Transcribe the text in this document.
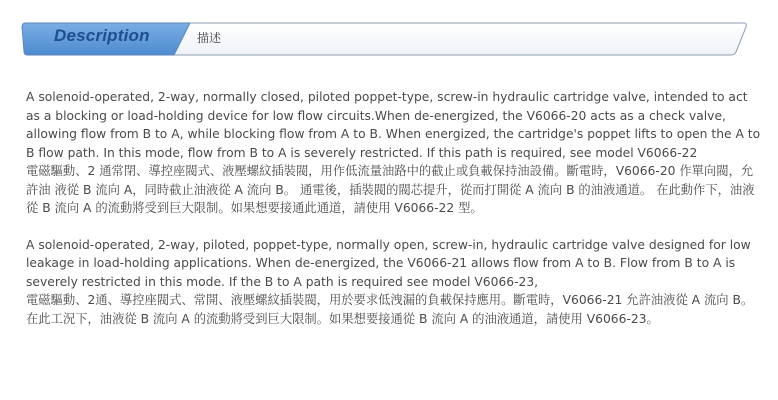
Description	描述

A solenoid-operated, 2-way, normally closed, piloted poppet-type, screw-in hydraulic cartridge valve, intended to act as a blocking or load-holding device for low flow circuits.When de-energized, the V6066-20 acts as a check valve, allowing flow from B to A, while blocking flow from A to B. When energized, the cartridge's poppet lifts to open the A to B flow path. In this mode, flow from B to A is severely restricted. If this path is required, see model V6066-22

電磁驅動、2 通常閉、導控座閥式、液壓螺紋插裝閥，用作低流量油路中的截止或負載保持油設備。斷電時，V6066-20 作單向閥，允許油 液從 B 流向 A，同時截止油液從 A 流向 B。 通電後，插裝閥的閥芯提升，從而打開從 A 流向 B 的油液通道。 在此動作下，油液從 B 流向 A 的流動將受到巨大限制。如果想要接通此通道，請使用 V6066-22 型。

A solenoid-operated, 2-way, piloted, poppet-type, normally open, screw-in, hydraulic cartridge valve designed for low leakage in load-holding applications. When de-energized, the V6066-21 allows flow from A to B. Flow from B to A is severely restricted in this mode. If the B to A path is required see model V6066-23,

電磁驅動、2通、導控座閥式、常開、液壓螺紋插裝閥，用於要求低洩漏的負載保持應用。斷電時，V6066-21 允許油液從 A 流向 B。在此工況下，油液從 B 流向 A 的流動將受到巨大限制。如果想要接通從 B 流向 A 的油液通道，請使用 V6066-23。
